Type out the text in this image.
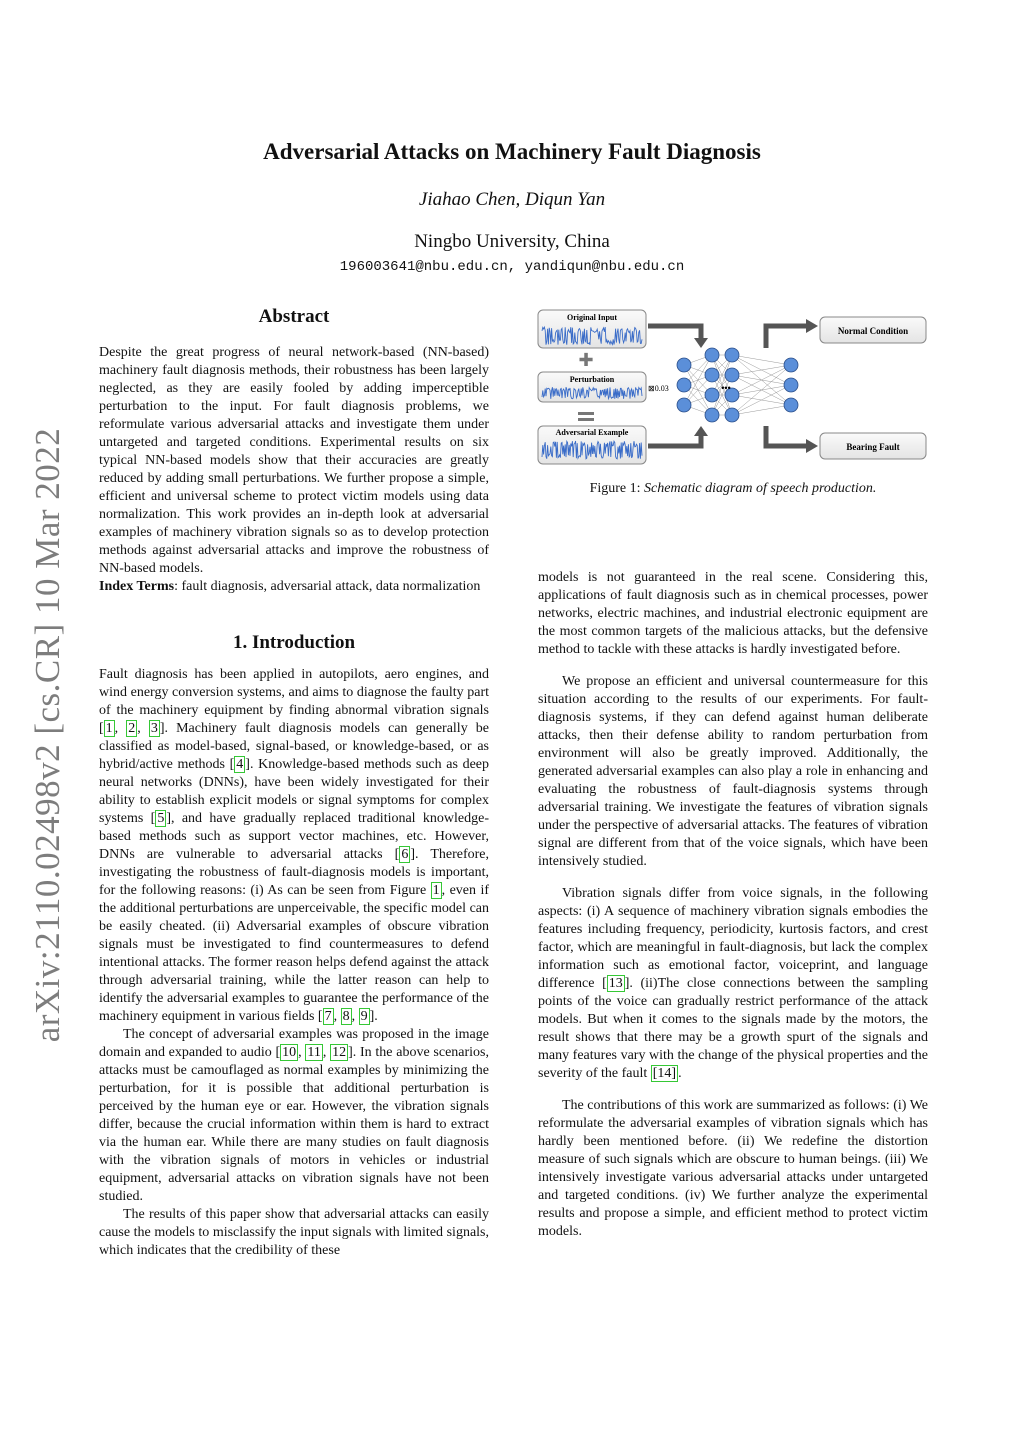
arXiv:2110.02498v2 [cs.CR] 10 Mar 2022
Adversarial Attacks on Machinery Fault Diagnosis
Jiahao Chen, Diqun Yan
Ningbo University, China
196003641@nbu.edu.cn, yandiqun@nbu.edu.cn
Abstract

Despite the great progress of neural network-based (NN-based) machinery fault diagnosis methods, their robustness has been largely neglected, as they are easily fooled by adding imperceptible perturbation to the input. For fault diagnosis problems, we reformulate various adversarial attacks and investigate them under untargeted and targeted conditions. Experimental results on six typical NN-based models show that their accuracies are greatly reduced by adding small perturbations. We further propose a simple, efficient and universal scheme to protect victim models using data normalization. This work provides an in-depth look at adversarial examples of machinery vibration signals so as to develop protection methods against adversarial attacks and improve the robustness of NN-based models.

Index Terms: fault diagnosis, adversarial attack, data normalization

1. Introduction

Fault diagnosis has been applied in autopilots, aero engines, and wind energy conversion systems, and aims to diagnose the faulty part of the machinery equipment by finding abnormal vibration signals [ 1 , 2 , 3 ]. Machinery fault diagnosis models can generally be classified as model-based, signal-based, or knowledge-based, or as hybrid/active methods [ 4 ]. Knowledge-based methods such as deep neural networks (DNNs), have been widely investigated for their ability to establish explicit models or signal symptoms for complex systems [ 5 ], and have gradually replaced traditional knowledge-based methods such as support vector machines, etc. However, DNNs are vulnerable to adversarial attacks [ 6 ]. Therefore, investigating the robustness of fault-diagnosis models is important, for the following reasons: (i) As can be seen from Figure 1 , even if the additional perturbations are unperceivable, the specific model can be easily cheated. (ii) Adversarial examples of obscure vibration signals must be investigated to find countermeasures to defend intentional attacks. The former reason helps defend against the attack through adversarial training, while the latter reason can help to identify the adversarial examples to guarantee the performance of the machinery equipment in various fields [ 7 , 8 , 9 ].

The concept of adversarial examples was proposed in the image domain and expanded to audio [ 10 , 11 , 12 ]. In the above scenarios, attacks must be camouflaged as normal examples by minimizing the perturbation, for it is possible that additional perturbation is perceived by the human eye or ear. However, the vibration signals differ, because the crucial information within them is hard to extract via the human ear. While there are many studies on fault diagnosis with the vibration signals of motors in vehicles or industrial equipment, adversarial attacks on vibration signals have not been studied.

The results of this paper show that adversarial attacks can easily cause the models to misclassify the input signals with limited signals, which indicates that the credibility of these

Original Input
✚
Perturbation
⊠0.03
Adversarial Example
•••
Normal Condition
Bearing Fault
Figure 1: Schematic diagram of speech production.

models is not guaranteed in the real scene. Considering this, applications of fault diagnosis such as in chemical processes, power networks, electric machines, and industrial electronic equipment are the most common targets of the malicious attacks, but the defensive method to tackle with these attacks is hardly investigated before.

We propose an efficient and universal countermeasure for this situation according to the results of our experiments. For fault-diagnosis systems, if they can defend against human deliberate attacks, then their defense ability to random perturbation from environment will also be greatly improved. Additionally, the generated adversarial examples can also play a role in enhancing and evaluating the robustness of fault-diagnosis systems through adversarial training. We investigate the features of vibration signals under the perspective of adversarial attacks. The features of vibration signal are different from that of the voice signals, which have been intensively studied.

Vibration signals differ from voice signals, in the following aspects: (i) A sequence of machinery vibration signals embodies the features including frequency, periodicity, kurtosis factors, and crest factor, which are meaningful in fault-diagnosis, but lack the complex information such as emotional factor, voiceprint, and language difference [ 13 ]. (ii)The close connections between the sampling points of the voice can gradually restrict performance of the attack models. But when it comes to the signals made by the motors, the result shows that there may be a growth spurt of the signals and many features vary with the change of the physical properties and the severity of the fault [14] .

The contributions of this work are summarized as follows: (i) We reformulate the adversarial examples of vibration signals which has hardly been mentioned before. (ii) We redefine the distortion measure of such signals which are obscure to human beings. (iii) We intensively investigate various adversarial attacks under untargeted and targeted conditions. (iv) We further analyze the experimental results and propose a simple, and efficient method to protect victim models.
